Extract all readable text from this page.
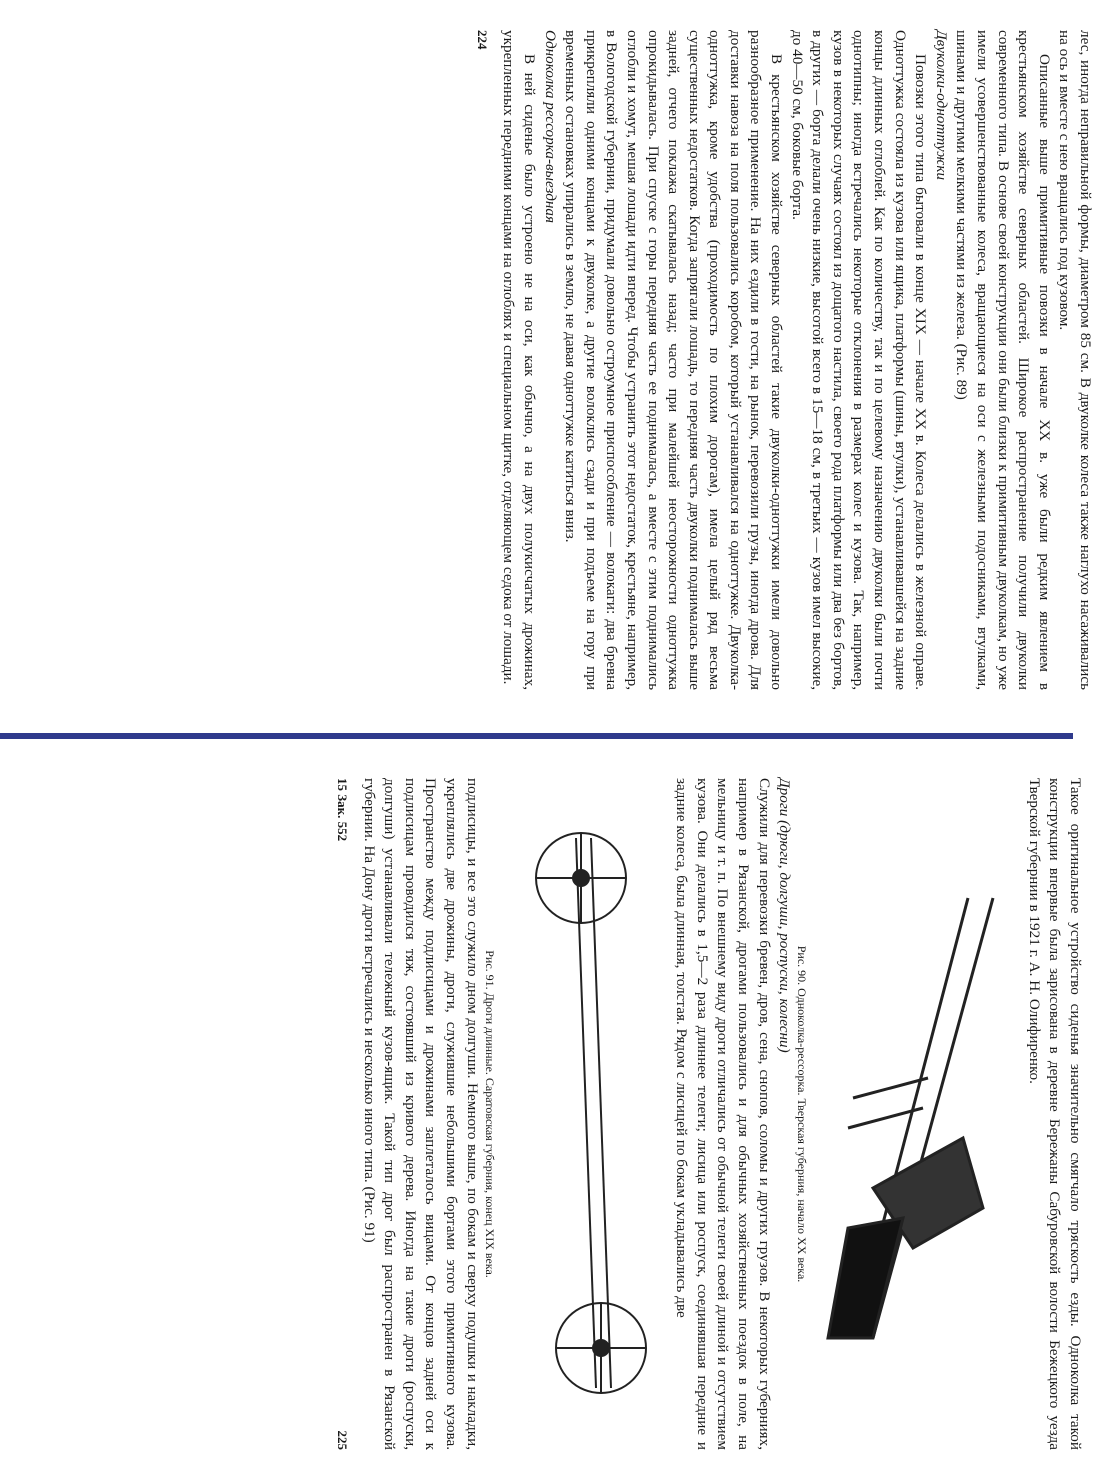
лес, иногда неправильной формы, диаметром 85 см. В двуколке колеса также наглухо насаживались на ось и вместе с нею вращались под кузовом.

Описанные выше примитивные повозки в начале XX в. уже были редким явлением в крестьянском хозяйстве северных областей. Широкое распространение получили двуколки современного типа. В основе своей конструкции они были близки к примитивным двуколкам, но уже имели усовершенствованные колеса, вращающиеся на оси с железными подосниками, втулками, шинами и другими мелкими частями из железа. (Рис. 89)

Двуколки-одноттужки

Повозки этого типа бытовали в конце XIX — начале XX в. Колеса делались в железной оправе. Одноттужка состояла из кузова или ящика, платформы (шины, втулки), устанавливавшейся на задние концы длинных оглоблей. Как по количеству, так и по целевому назначению двуколки были почти однотипны; иногда встречались некоторые отклонения в размерах колес и кузова. Так, например, кузов в некоторых случаях состоял из дощатого настила, своего рода платформы или два без бортов, в других — борта делали очень низкие, высотой всего в 15—18 см, в третьих — кузов имел высокие, до 40—50 см, боковые борта.

В крестьянском хозяйстве северных областей такие двуколки-одноттужки имели довольно разнообразное применение. На них ездили в гости, на рынок, перевозили грузы, иногда дрова. Для доставки навоза на поля пользовались коробом, который устанавливался на одноттужке. Двуколка-одноттужка, кроме удобства (проходимость по плохим дорогам), имела целый ряд весьма существенных недостатков. Когда запрягали лошадь, то передняя часть двуколки поднималась выше задней, отчего поклажа скатывалась назад; часто при малейшей неосторожности одноттужка опрокидывалась. При спуске с горы передняя часть ее поднималась, а вместе с этим поднимались оглобли и хомут, мешая лошади идти вперед. Чтобы устранить этот недостаток, крестьяне, например, в Вологодской губернии, придумали довольно остроумное приспособление — волокаги: два бревна прикрепляли одними концами к двуколке, а другие волоклись сзади и при подъеме на гору при временных остановках упирались в землю, не давая одноттужке катиться вниз.

Одноколка рессорка-выездная

В ней сиденье было устроено не на оси, как обычно, а на двух полукисчатых дрожинах, укрепленных передними концами на оглоблях и специальном щитке, отделяющем седока от лошади.

224

Такое оригинальное устройство сиденья значительно смягчало тряскость езды. Одноколка такой конструкции впервые была зарисована в деревне Бережаны Сабуровской волости Бежецкого уезда Тверской губернии в 1921 г. А. Н. Олифиренко.

Рис. 90. Одноколка-рессорка. Тверская губерния, начало XX века.

Дроги (дрюги, долгуши, роспуски, колесни)

Служили для перевозки бревен, дров, сена, снопов, соломы и других грузов. В некоторых губерниях, например в Рязанской, дрогами пользовались и для обычных хозяйственных поездок в поле, на мельницу и т. п. По внешнему виду дроги отличались от обычной телеги своей длиной и отсутствием кузова. Они делались в 1,5—2 раза длиннее телеги; лисица или роспуск, соединявшая передние и задние колеса, была длинная, толстая. Рядом с лисицей по бокам укладывались две

Рис. 91. Дроги длинные. Саратовская губерния, конец XIX века.

подлисицы, и все это служило дном долгуши. Немного выше, по бокам и сверху подушки и накладки, укреплялись две дрожины, дроги, служившие небольшими бортами этого примитивного кузова. Пространство между подлисицами и дрожинами заплеталось вицами. От концов задней оси к подлисицам проводился тяж, состоявший из кривого дерева. Иногда на такие дроги (роспуски, долгуши) устанавливали тележный кузов-ящик. Такой тип дрог был распространен в Рязанской губернии. На Дону дроги встречались и несколько иного типа. (Рис. 91)

15 Зак. 552
225
